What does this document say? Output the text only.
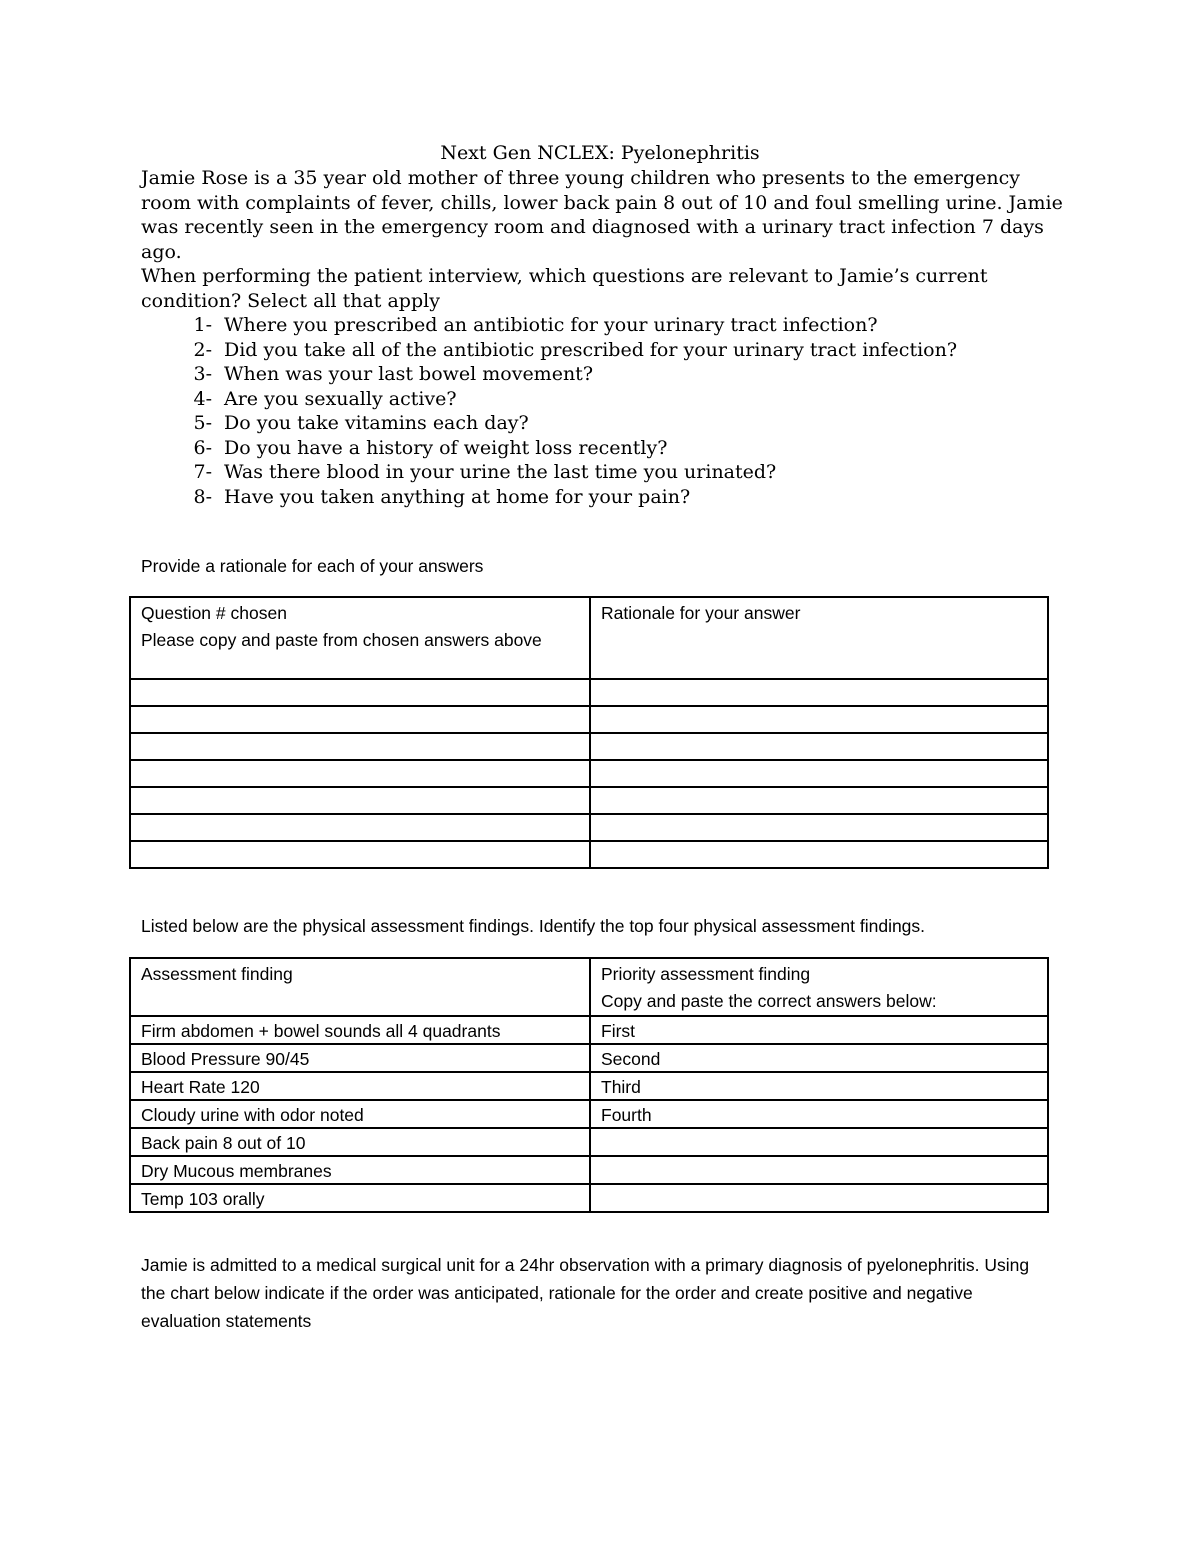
Next Gen NCLEX: Pyelonephritis

Jamie Rose is a 35 year old mother of three young children who presents to the emergency room with complaints of fever, chills, lower back pain 8 out of 10 and foul smelling urine. Jamie was recently seen in the emergency room and diagnosed with a urinary tract infection 7 days ago.

When performing the patient interview, which questions are relevant to Jamie’s current condition? Select all that apply

1- Where you prescribed an antibiotic for your urinary tract infection?
2- Did you take all of the antibiotic prescribed for your urinary tract infection?
3- When was your last bowel movement?
4- Are you sexually active?
5- Do you take vitamins each day?
6- Do you have a history of weight loss recently?
7- Was there blood in your urine the last time you urinated?
8- Have you taken anything at home for your pain?

Provide a rationale for each of your answers

Question # chosen
Please copy and paste from chosen answers above	Rationale for your answer

Listed below are the physical assessment findings. Identify the top four physical assessment findings.

Assessment finding	Priority assessment finding
Copy and paste the correct answers below:

Firm abdomen + bowel sounds all 4 quadrants	First
Blood Pressure 90/45	Second
Heart Rate 120	Third
Cloudy urine with odor noted	Fourth
Back pain 8 out of 10	
Dry Mucous membranes	
Temp 103 orally	

Jamie is admitted to a medical surgical unit for a 24hr observation with a primary diagnosis of pyelonephritis. Using the chart below indicate if the order was anticipated, rationale for the order and create positive and negative evaluation statements
